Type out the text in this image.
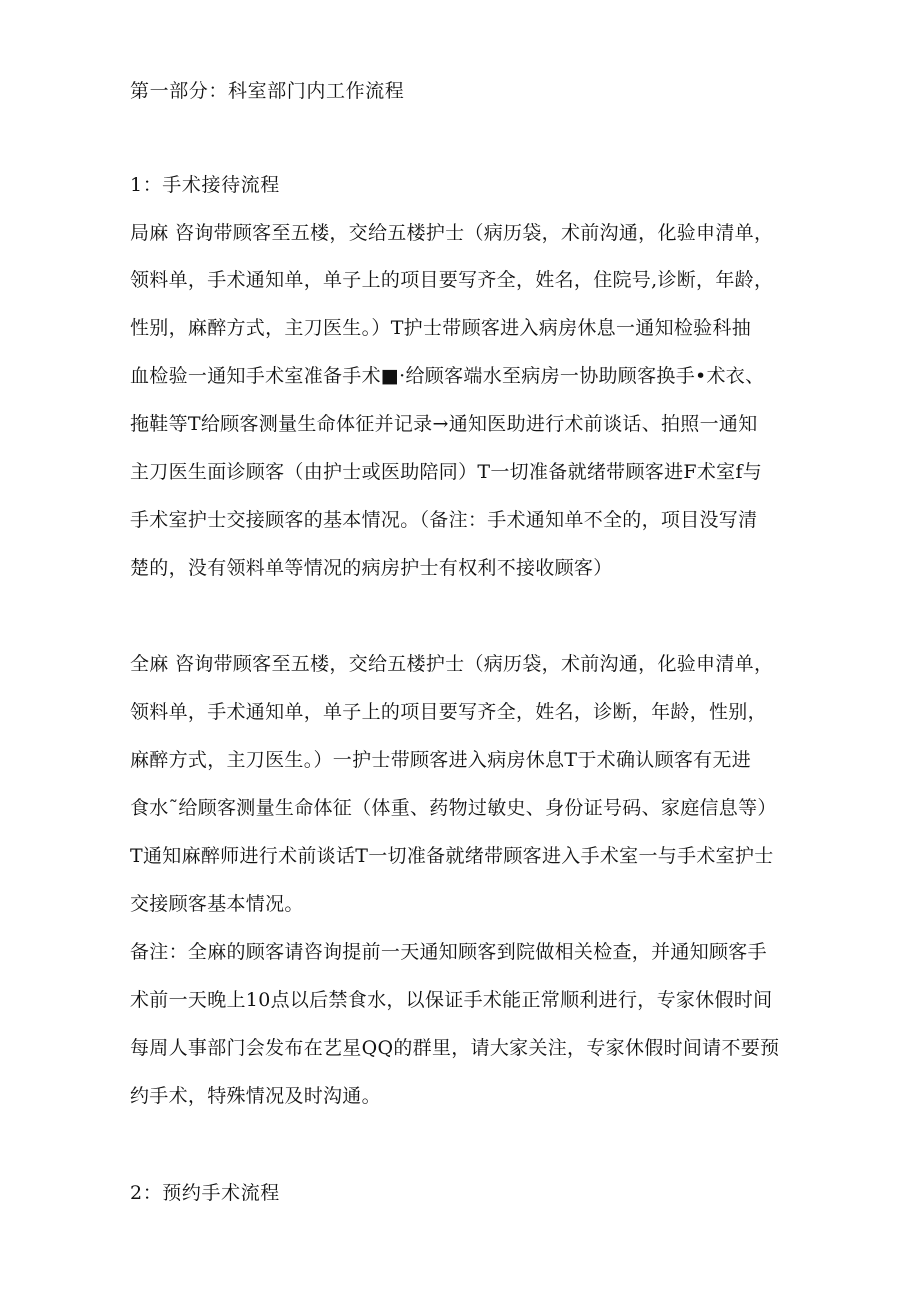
第一部分：科室部门内工作流程
1：手术接待流程
局麻 咨询带顾客至五楼，交给五楼护士（病历袋，术前沟通，化验申清单，
领料单，手术通知单，单子上的项目要写齐全，姓名，住院号,诊断，年龄，
性别，麻醉方式，主刀医生。）T护士带顾客进入病房休息一通知检验科抽
血检验一通知手术室准备手术■·给顾客端水至病房一协助顾客换手•术衣、
拖鞋等T给顾客测量生命体征并记录→通知医助进行术前谈话、拍照一通知
主刀医生面诊顾客（由护士或医助陪同）T一切准备就绪带顾客进F术室f与
手术室护士交接顾客的基本情况。（备注：手术通知单不全的，项目没写清
楚的，没有领料单等情况的病房护士有权利不接收顾客）
全麻 咨询带顾客至五楼，交给五楼护士（病历袋，术前沟通，化验申清单，
领料单，手术通知单，单子上的项目要写齐全，姓名，诊断，年龄，性别，
麻醉方式，主刀医生。）一护士带顾客进入病房休息T于术确认顾客有无进
食水˜给顾客测量生命体征（体重、药物过敏史、身份证号码、家庭信息等）
T通知麻醉师进行术前谈话T一切准备就绪带顾客进入手术室一与手术室护士
交接顾客基本情况。
备注：全麻的顾客请咨询提前一天通知顾客到院做相关检查，并通知顾客手
术前一天晚上10点以后禁食水，以保证手术能正常顺利进行，专家休假时间
每周人事部门会发布在艺星QQ的群里，请大家关注，专家休假时间请不要预
约手术，特殊情况及时沟通。
2：预约手术流程
